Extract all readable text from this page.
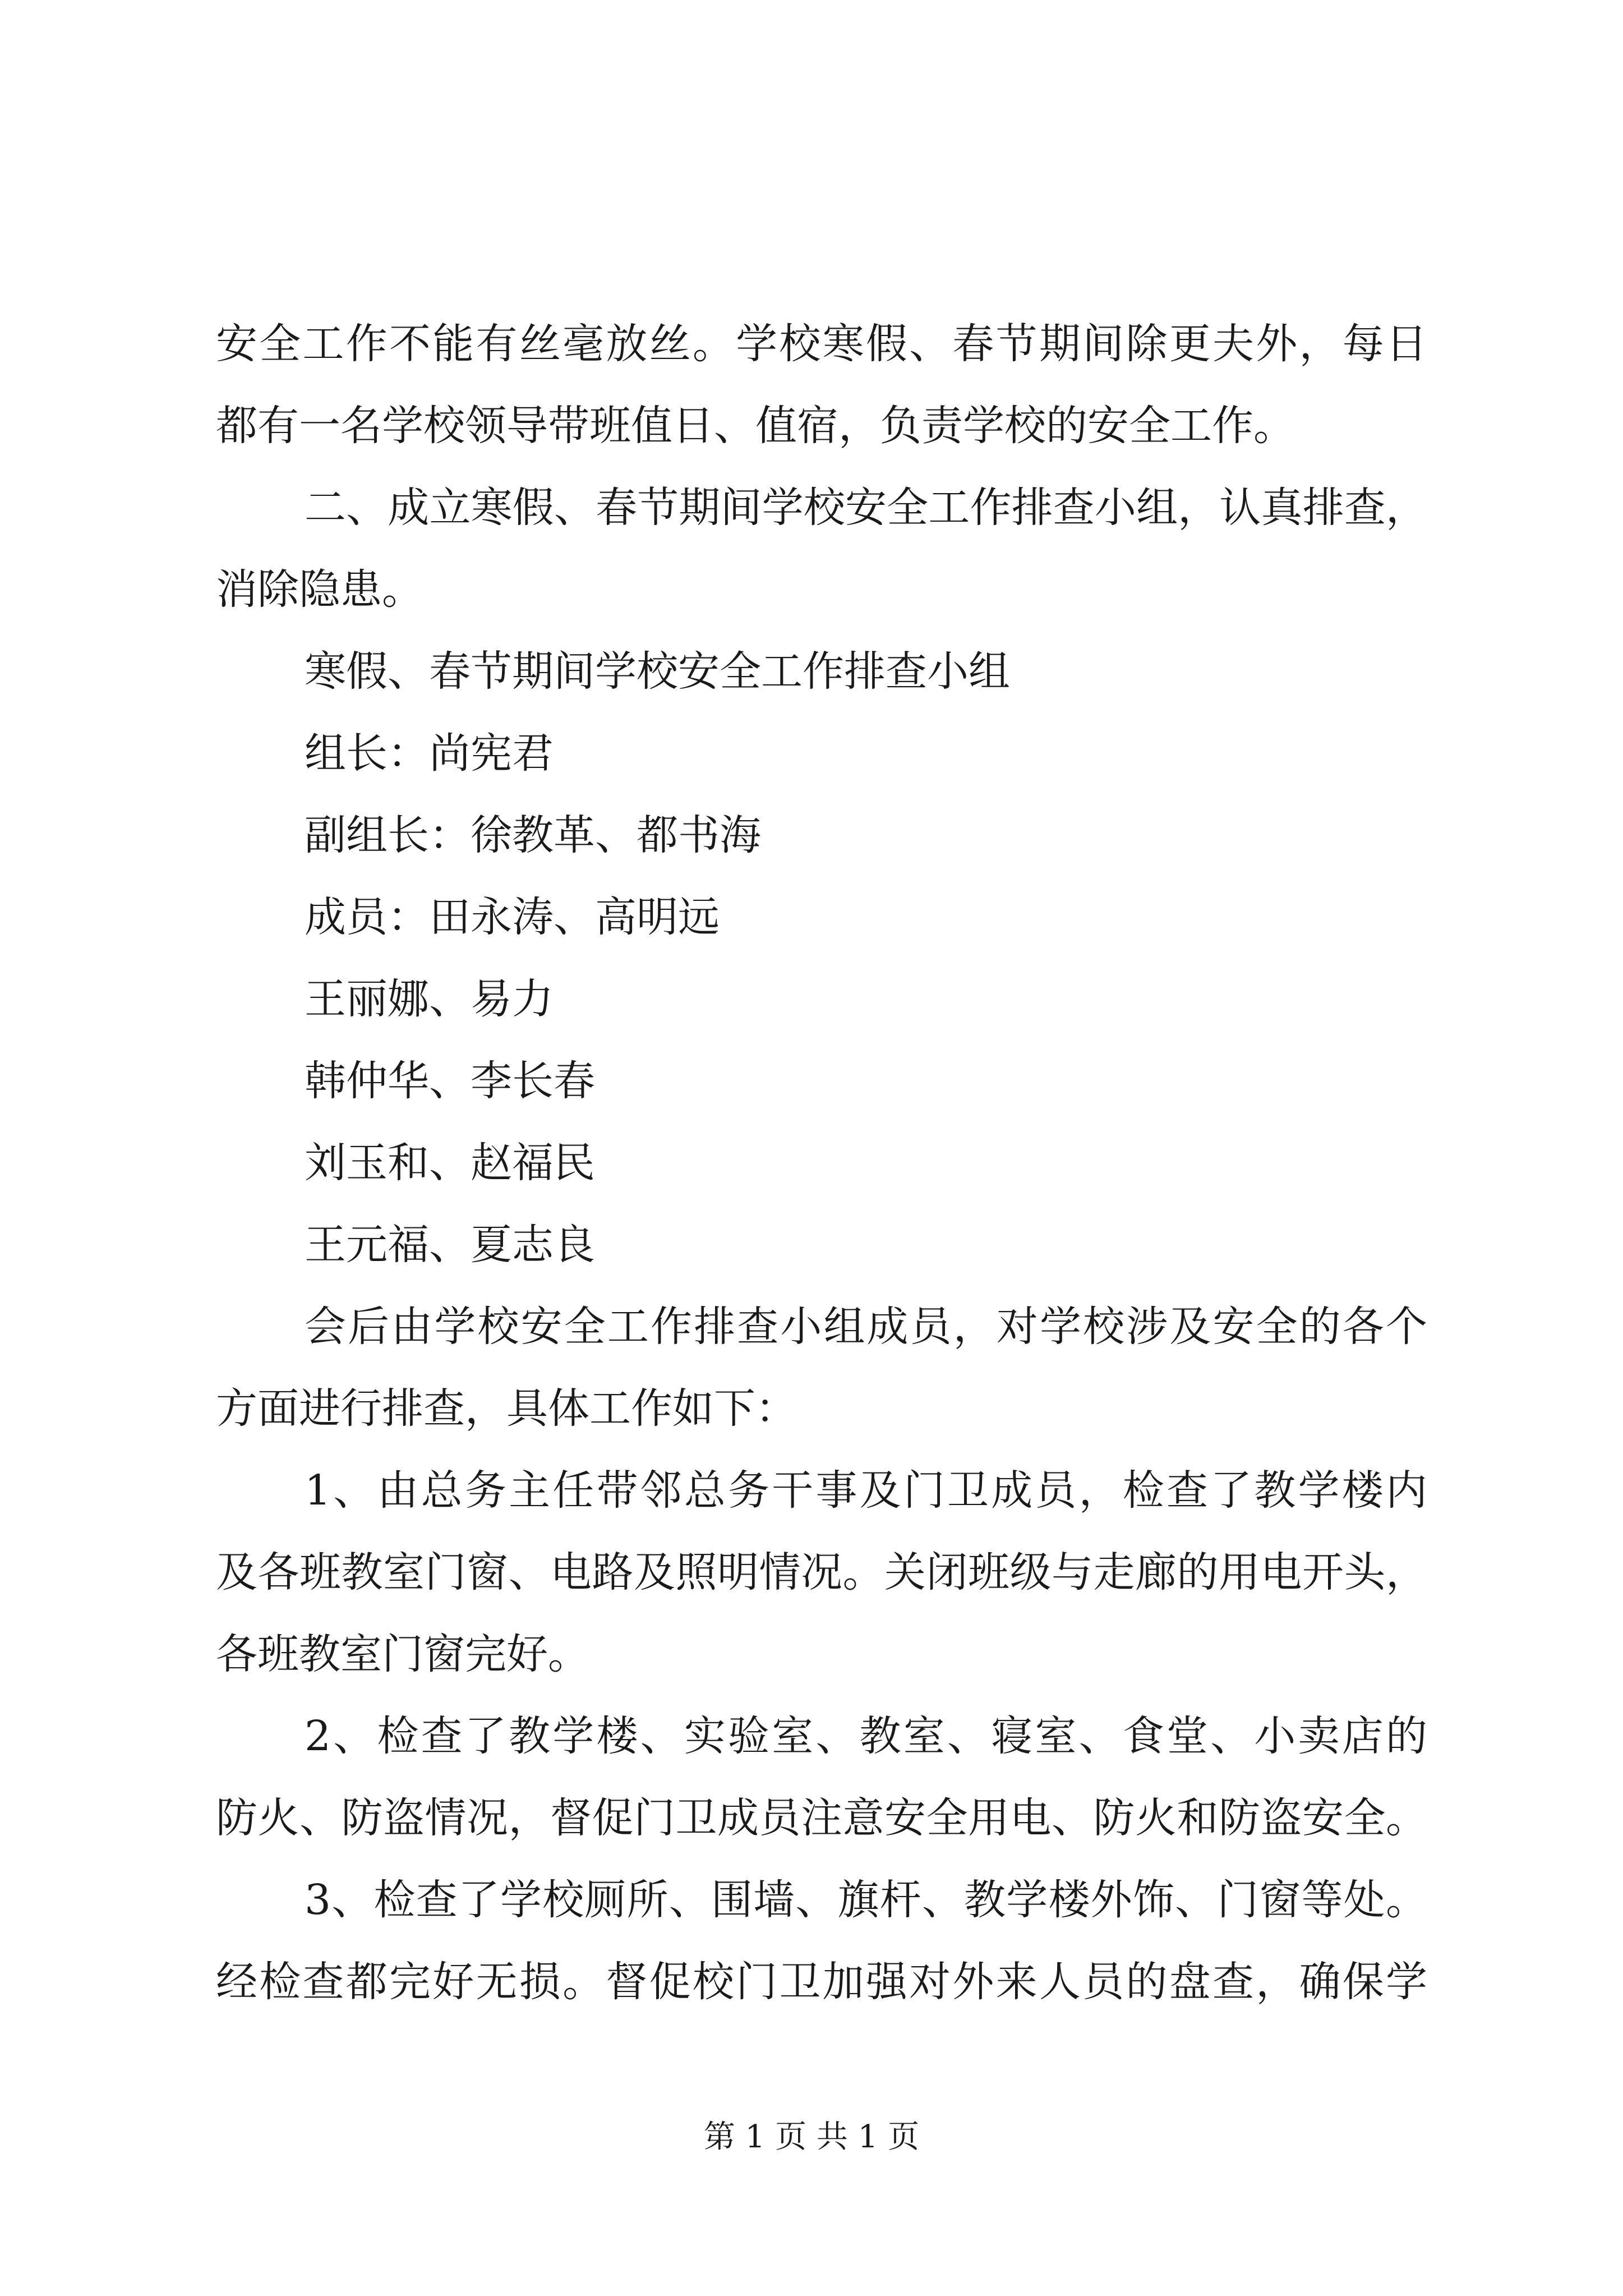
安全工作不能有丝毫放丝。学校寒假、春节期间除更夫外，每日
都有一名学校领导带班值日、值宿，负责学校的安全工作。
二、成立寒假、春节期间学校安全工作排查小组，认真排查，
消除隐患。
寒假、春节期间学校安全工作排查小组
组长：尚宪君
副组长：徐教革、都书海
成员：田永涛、高明远
王丽娜、易力
韩仲华、李长春
刘玉和、赵福民
王元福、夏志良
会后由学校安全工作排查小组成员，对学校涉及安全的各个
方面进行排查，具体工作如下：
1、由总务主任带邻总务干事及门卫成员，检查了教学楼内
及各班教室门窗、电路及照明情况。关闭班级与走廊的用电开头，
各班教室门窗完好。
2、检查了教学楼、实验室、教室、寝室、食堂、小卖店的
防火、防盗情况，督促门卫成员注意安全用电、防火和防盗安全。
3、检查了学校厕所、围墙、旗杆、教学楼外饰、门窗等处。
经检查都完好无损。督促校门卫加强对外来人员的盘查，确保学
第 1 页 共 1 页
